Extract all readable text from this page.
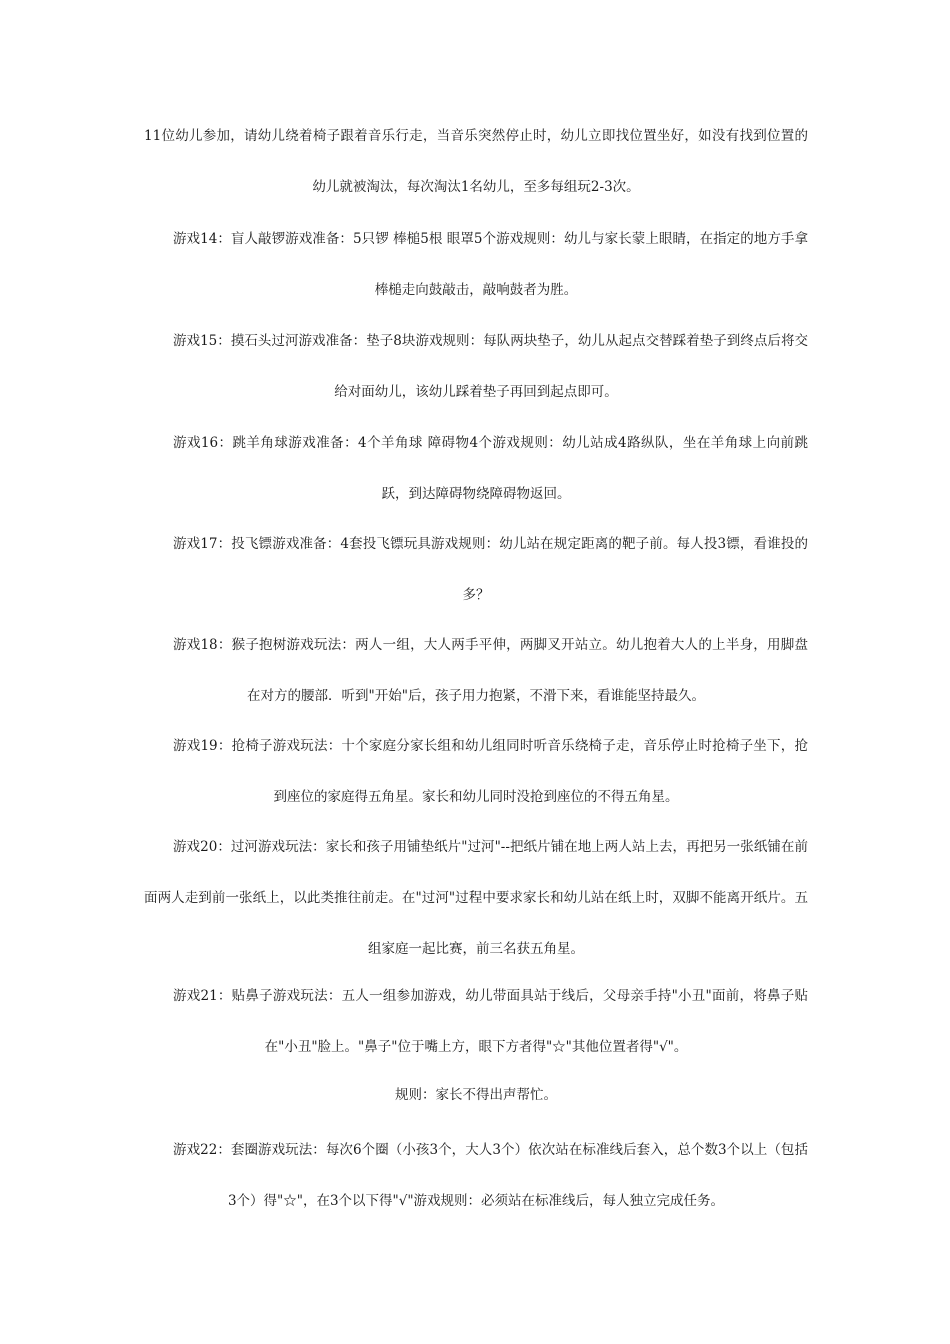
11位幼儿参加，请幼儿绕着椅子跟着音乐行走，当音乐突然停止时，幼儿立即找位置坐好，如没有找到位置的幼儿就被淘汰，每次淘汰1名幼儿，至多每组玩2-3次。

游戏14：盲人敲锣游戏准备：5只锣 棒槌5根 眼罩5个游戏规则：幼儿与家长蒙上眼睛，在指定的地方手拿棒槌走向鼓敲击，敲响鼓者为胜。

游戏15：摸石头过河游戏准备：垫子8块游戏规则：每队两块垫子，幼儿从起点交替踩着垫子到终点后将交给对面幼儿，该幼儿踩着垫子再回到起点即可。

游戏16：跳羊角球游戏准备：4个羊角球 障碍物4个游戏规则：幼儿站成4路纵队，坐在羊角球上向前跳跃，到达障碍物绕障碍物返回。

游戏17：投飞镖游戏准备：4套投飞镖玩具游戏规则：幼儿站在规定距离的靶子前。每人投3镖，看谁投的多？

游戏18：猴子抱树游戏玩法：两人一组，大人两手平伸，两脚叉开站立。幼儿抱着大人的上半身，用脚盘在对方的腰部．听到"开始"后，孩子用力抱紧，不滑下来，看谁能坚持最久。

游戏19：抢椅子游戏玩法：十个家庭分家长组和幼儿组同时听音乐绕椅子走，音乐停止时抢椅子坐下，抢到座位的家庭得五角星。家长和幼儿同时没抢到座位的不得五角星。

游戏20：过河游戏玩法：家长和孩子用铺垫纸片"过河"--把纸片铺在地上两人站上去，再把另一张纸铺在前面两人走到前一张纸上，以此类推往前走。在"过河"过程中要求家长和幼儿站在纸上时，双脚不能离开纸片。五组家庭一起比赛，前三名获五角星。

游戏21：贴鼻子游戏玩法：五人一组参加游戏，幼儿带面具站于线后，父母亲手持"小丑"面前，将鼻子贴在"小丑"脸上。"鼻子"位于嘴上方，眼下方者得"☆"其他位置者得"√"。

规则：家长不得出声帮忙。

游戏22：套圈游戏玩法：每次6个圈（小孩3个，大人3个）依次站在标准线后套入，总个数3个以上（包括3个）得"☆"，在3个以下得"√"游戏规则：必须站在标准线后，每人独立完成任务。
